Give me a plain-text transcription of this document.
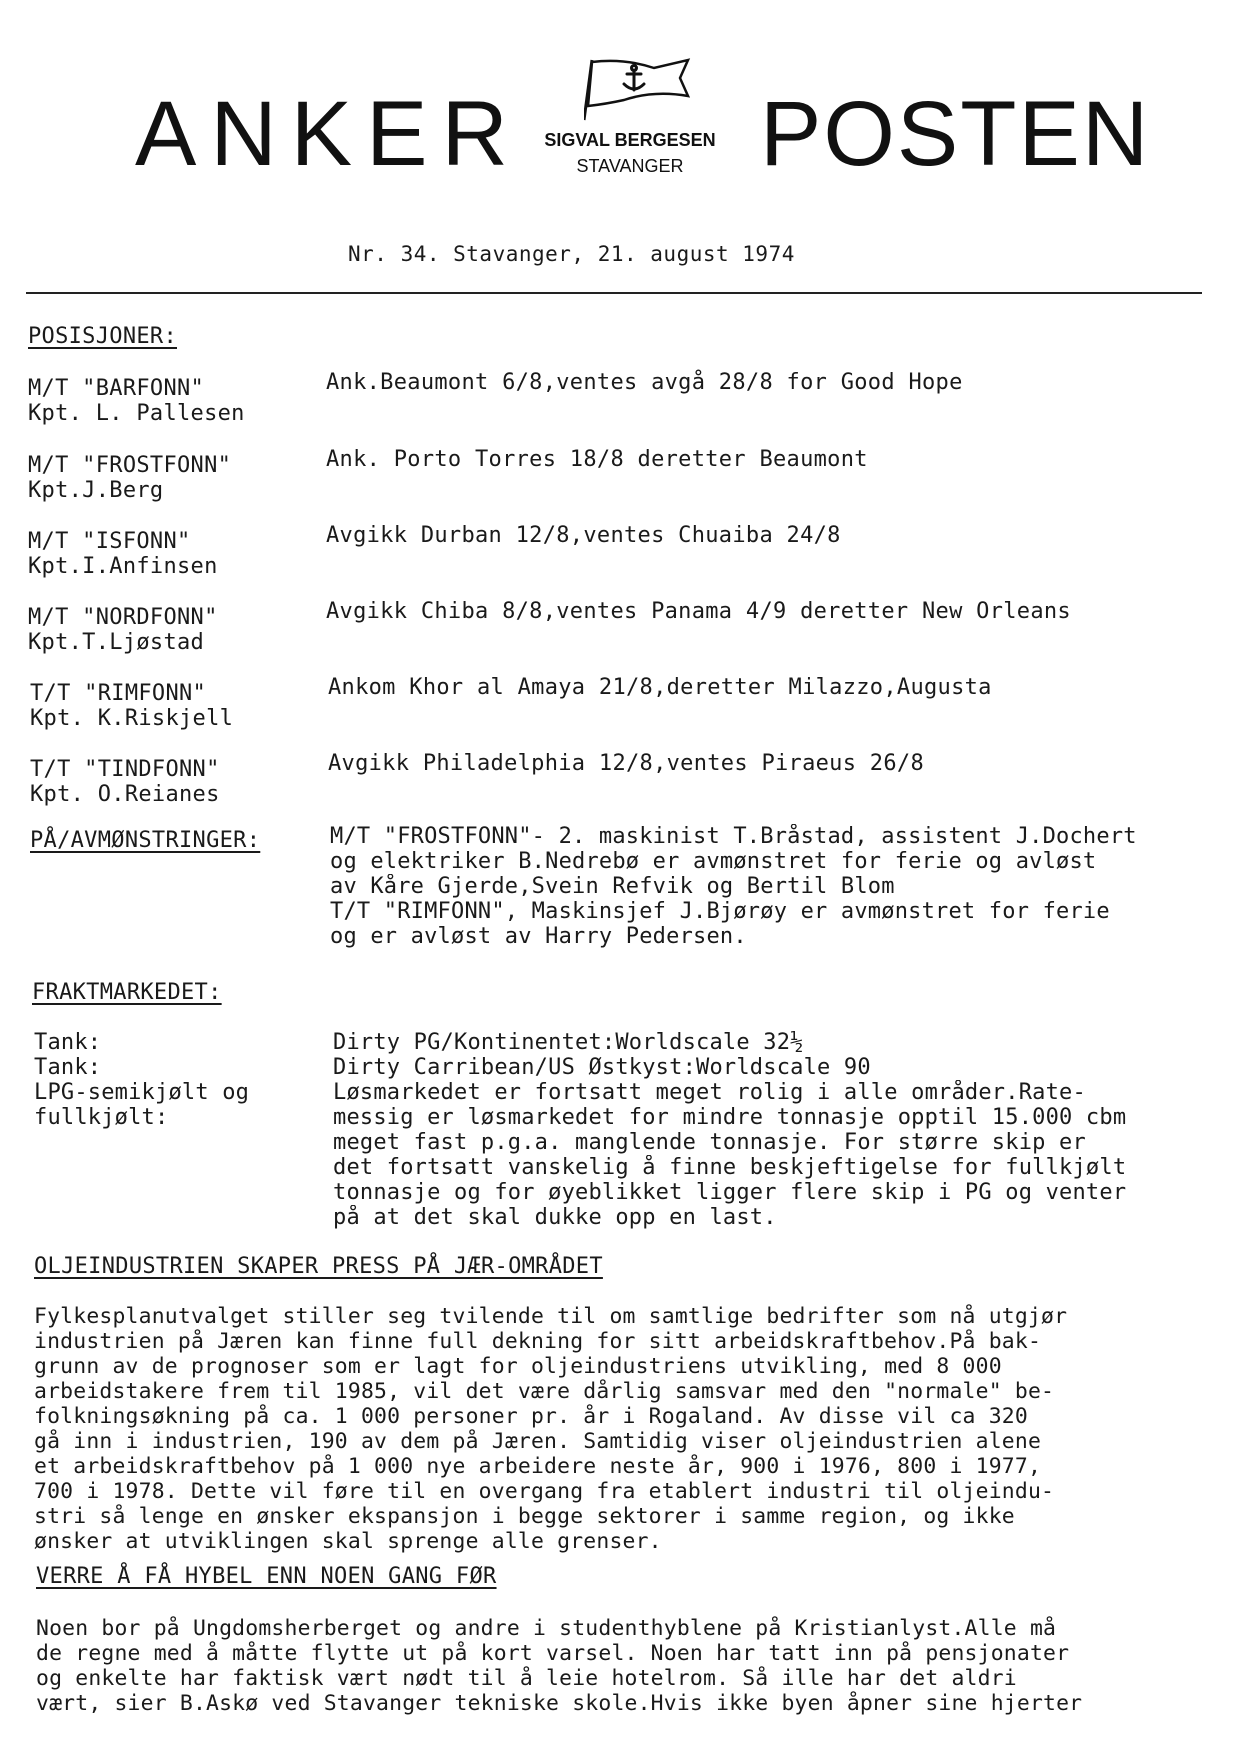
ANKER	SIGVAL BERGESEN
STAVANGER POSTEN
Nr. 34. Stavanger, 21. august 1974
POSISJONER:
M/T "BARFONN"
Kpt. L. Pallesen
Ank.Beaumont 6/8,ventes avgå 28/8 for Good Hope
M/T "FROSTFONN"
Kpt.J.Berg
Ank. Porto Torres 18/8 deretter Beaumont
M/T "ISFONN"
Kpt.I.Anfinsen
Avgikk Durban 12/8,ventes Chuaiba 24/8
M/T "NORDFONN"
Kpt.T.Ljøstad
Avgikk Chiba 8/8,ventes Panama 4/9 deretter New Orleans
T/T "RIMFONN"
Kpt. K.Riskjell
Ankom Khor al Amaya 21/8,deretter Milazzo,Augusta
T/T "TINDFONN"
Kpt. O.Reianes
Avgikk Philadelphia 12/8,ventes Piraeus 26/8
PÅ/AVMØNSTRINGER:	M/T "FROSTFONN"- 2. maskinist T.Bråstad, assistent J.Dochert
og elektriker B.Nedrebø er avmønstret for ferie og avløst
av Kåre Gjerde,Svein Refvik og Bertil Blom
T/T "RIMFONN", Maskinsjef J.Bjørøy er avmønstret for ferie
og er avløst av Harry Pedersen.
FRAKTMARKEDET:
Tank:
Tank:
LPG-semikjølt og
fullkjølt:
Dirty PG/Kontinentet:Worldscale 32½
Dirty Carribean/US Østkyst:Worldscale 90
Løsmarkedet er fortsatt meget rolig i alle områder.Rate-
messig er løsmarkedet for mindre tonnasje opptil 15.000 cbm
meget fast p.g.a. manglende tonnasje. For større skip er
det fortsatt vanskelig å finne beskjeftigelse for fullkjølt
tonnasje og for øyeblikket ligger flere skip i PG og venter
på at det skal dukke opp en last.
OLJEINDUSTRIEN SKAPER PRESS PÅ JÆR-OMRÅDET
Fylkesplanutvalget stiller seg tvilende til om samtlige bedrifter som nå utgjør
industrien på Jæren kan finne full dekning for sitt arbeidskraftbehov.På bak-
grunn av de prognoser som er lagt for oljeindustriens utvikling, med 8 000
arbeidstakere frem til 1985, vil det være dårlig samsvar med den "normale" be-
folkningsøkning på ca. 1 000 personer pr. år i Rogaland. Av disse vil ca 320
gå inn i industrien, 190 av dem på Jæren. Samtidig viser oljeindustrien alene
et arbeidskraftbehov på 1 000 nye arbeidere neste år, 900 i 1976, 800 i 1977,
700 i 1978. Dette vil føre til en overgang fra etablert industri til oljeindu-
stri så lenge en ønsker ekspansjon i begge sektorer i samme region, og ikke
ønsker at utviklingen skal sprenge alle grenser.
VERRE Å FÅ HYBEL ENN NOEN GANG FØR
Noen bor på Ungdomsherberget og andre i studenthyblene på Kristianlyst.Alle må
de regne med å måtte flytte ut på kort varsel. Noen har tatt inn på pensjonater
og enkelte har faktisk vært nødt til å leie hotelrom. Så ille har det aldri
vært, sier B.Askø ved Stavanger tekniske skole.Hvis ikke byen åpner sine hjerter
